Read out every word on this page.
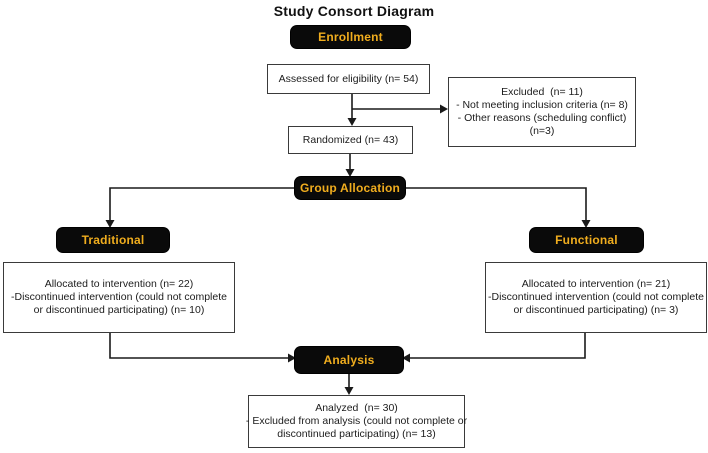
Study Consort Diagram
Enrollment
Group Allocation
Traditional	Functional
Analysis
Assessed for eligibility (n= 54)
Excluded  (n= 11)
- Not meeting inclusion criteria (n= 8)
- Other reasons (scheduling conflict)
(n=3)
Randomized (n= 43)
Allocated to intervention (n= 22)
-Discontinued intervention (could not complete
or discontinued participating) (n= 10)
Allocated to intervention (n= 21)
-Discontinued intervention (could not complete
or discontinued participating) (n= 3)
Analyzed  (n= 30)
- Excluded from analysis (could not complete or
discontinued participating) (n= 13)
